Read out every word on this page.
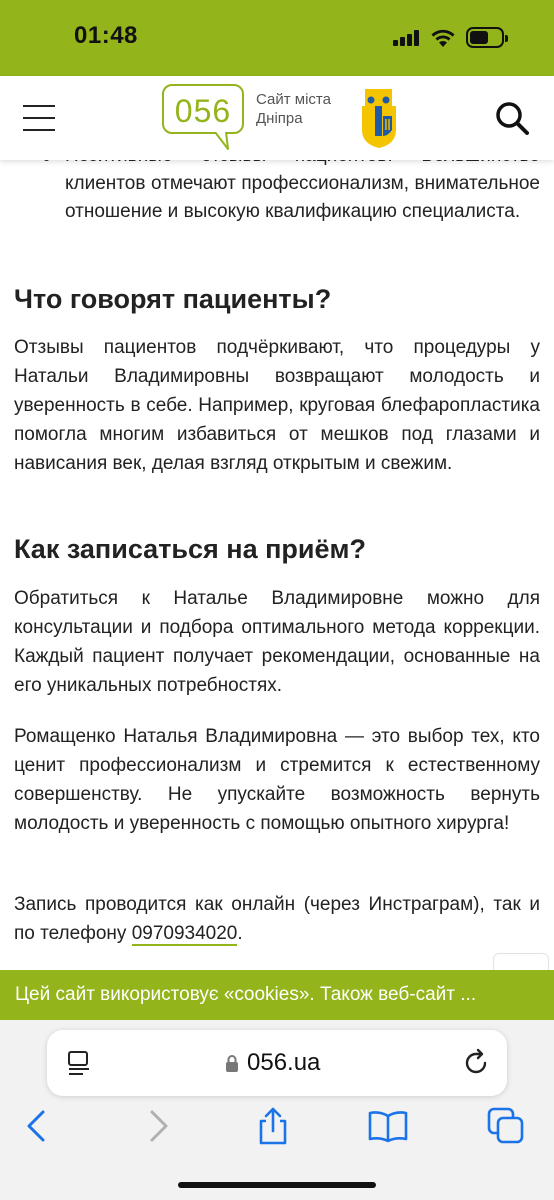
01:48
056	Сайт міста
Дніпра
клиентов отмечают профессионализм, внимательное отношение и высокую квалификацию специалиста.
Что говорят пациенты?
Отзывы пациентов подчёркивают, что процедуры у Натальи Владимировны возвращают молодость и уверенность в себе. Например, круговая блефаропластика помогла многим избавиться от мешков под глазами и нависания век, делая взгляд открытым и свежим.
Как записаться на приём?
Обратиться к Наталье Владимировне можно для консультации и подбора оптимального метода коррекции. Каждый пациент получает рекомендации, основанные на его уникальных потребностях.
Ромащенко Наталья Владимировна — это выбор тех, кто ценит профессионализм и стремится к естественному совершенству. Не упускайте возможность вернуть молодость и уверенность с помощью опытного хирурга!
Запись проводится как онлайн (через Инстраграм), так и по телефону 0970934020.
Цей сайт використовує «cookies». Також веб-сайт ...
056.ua
